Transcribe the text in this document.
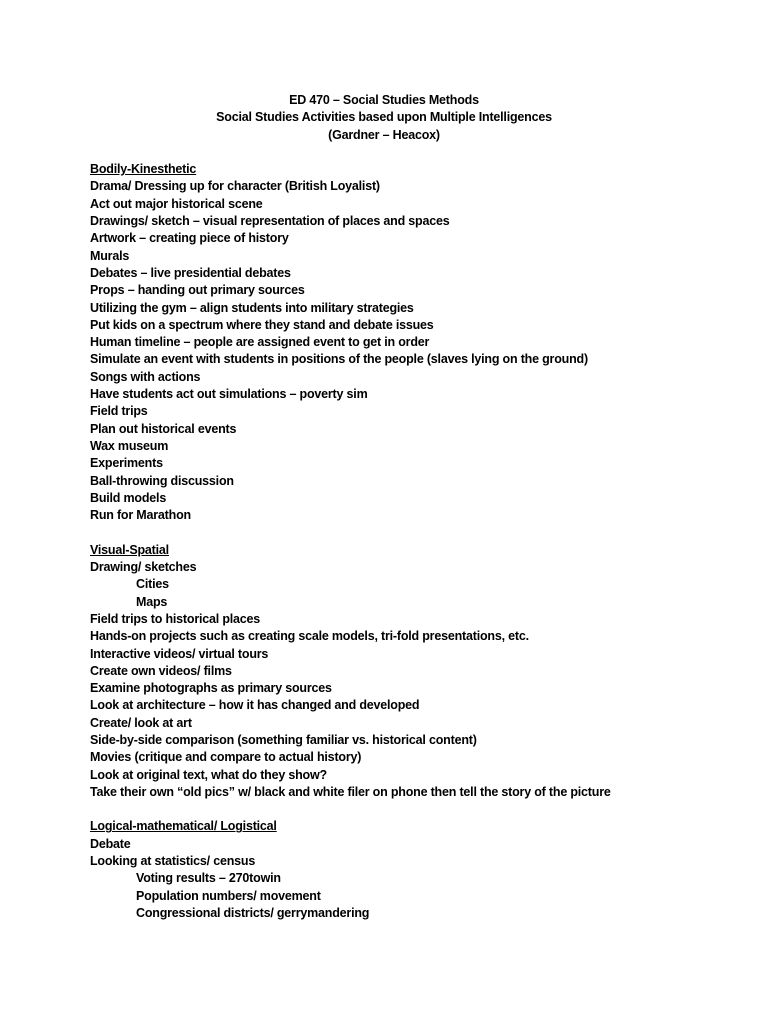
ED 470 – Social Studies Methods
Social Studies Activities based upon Multiple Intelligences
(Gardner – Heacox)
Bodily-Kinesthetic
Drama/ Dressing up for character (British Loyalist)
Act out major historical scene
Drawings/ sketch – visual representation of places and spaces
Artwork – creating piece of history
Murals
Debates – live presidential debates
Props – handing out primary sources
Utilizing the gym – align students into military strategies
Put kids on a spectrum where they stand and debate issues
Human timeline – people are assigned event to get in order
Simulate an event with students in positions of the people (slaves lying on the ground)
Songs with actions
Have students act out simulations – poverty sim
Field trips
Plan out historical events
Wax museum
Experiments
Ball-throwing discussion
Build models
Run for Marathon
Visual-Spatial
Drawing/ sketches
Cities
Maps
Field trips to historical places
Hands-on projects such as creating scale models, tri-fold presentations, etc.
Interactive videos/ virtual tours
Create own videos/ films
Examine photographs as primary sources
Look at architecture – how it has changed and developed
Create/ look at art
Side-by-side comparison (something familiar vs. historical content)
Movies (critique and compare to actual history)
Look at original text, what do they show?
Take their own “old pics” w/ black and white filer on phone then tell the story of the picture
Logical-mathematical/ Logistical
Debate
Looking at statistics/ census
Voting results – 270towin
Population numbers/ movement
Congressional districts/ gerrymandering
